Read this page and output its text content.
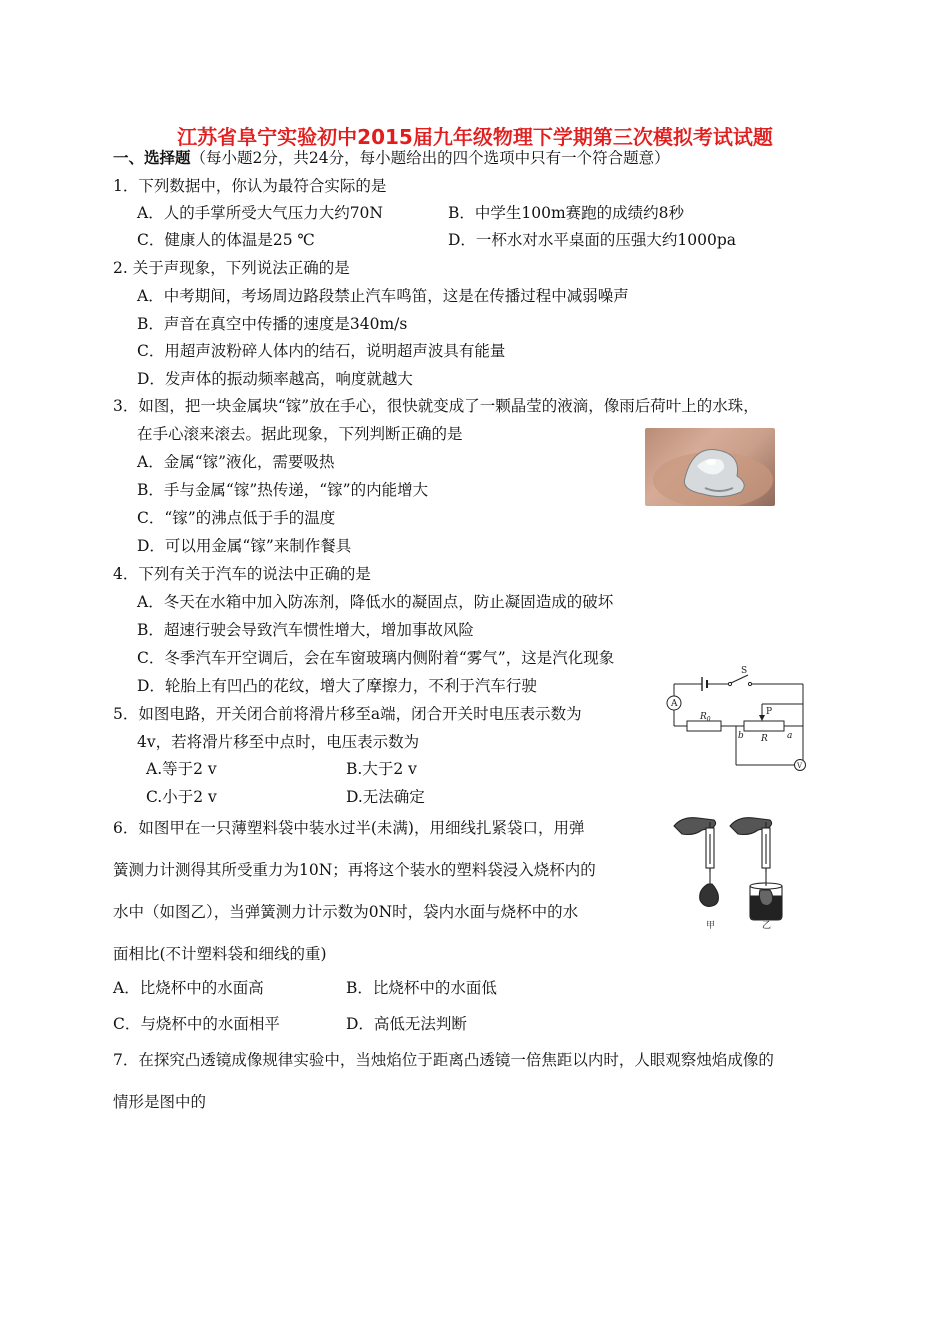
江苏省阜宁实验初中2015届九年级物理下学期第三次模拟考试试题
一、选择题（每小题2分，共24分，每小题给出的四个选项中只有一个符合题意）
1．下列数据中，你认为最符合实际的是
A．人的手掌所受大气压力大约70N	B．中学生100m赛跑的成绩约8秒
C．健康人的体温是25 ℃	D．一杯水对水平桌面的压强大约1000pa
2. 关于声现象，下列说法正确的是
A．中考期间，考场周边路段禁止汽车鸣笛，这是在传播过程中减弱噪声
B．声音在真空中传播的速度是340m/s
C．用超声波粉碎人体内的结石，说明超声波具有能量
D．发声体的振动频率越高，响度就越大
3．如图，把一块金属块“镓”放在手心，很快就变成了一颗晶莹的液滴，像雨后荷叶上的水珠，
在手心滚来滚去。据此现象，下列判断正确的是
A．金属“镓”液化，需要吸热
B．手与金属“镓”热传递，“镓”的内能增大
C．“镓”的沸点低于手的温度
D．可以用金属“镓”来制作餐具
4．下列有关于汽车的说法中正确的是
A．冬天在水箱中加入防冻剂，降低水的凝固点，防止凝固造成的破坏
B．超速行驶会导致汽车惯性增大，增加事故风险
C．冬季汽车开空调后，会在车窗玻璃内侧附着“雾气”，这是汽化现象
D．轮胎上有凹凸的花纹，增大了摩擦力，不利于汽车行驶
5．如图电路，开关闭合前将滑片移至a端，闭合开关时电压表示数为
4v，若将滑片移至中点时，电压表示数为
A.等于2 v	B.大于2 v
C.小于2 v	D.无法确定
S
A
V
P
$R_0$
R
b	a
6．如图甲在一只薄塑料袋中装水过半(未满)，用细线扎紧袋口，用弹
簧测力计测得其所受重力为10N；再将这个装水的塑料袋浸入烧杯内的
水中（如图乙），当弹簧测力计示数为0N时，袋内水面与烧杯中的水
面相比(不计塑料袋和细线的重)
A．比烧杯中的水面高	B．比烧杯中的水面低
C．与烧杯中的水面相平	D．高低无法判断
甲	乙
7．在探究凸透镜成像规律实验中，当烛焰位于距离凸透镜一倍焦距以内时，人眼观察烛焰成像的
情形是图中的
